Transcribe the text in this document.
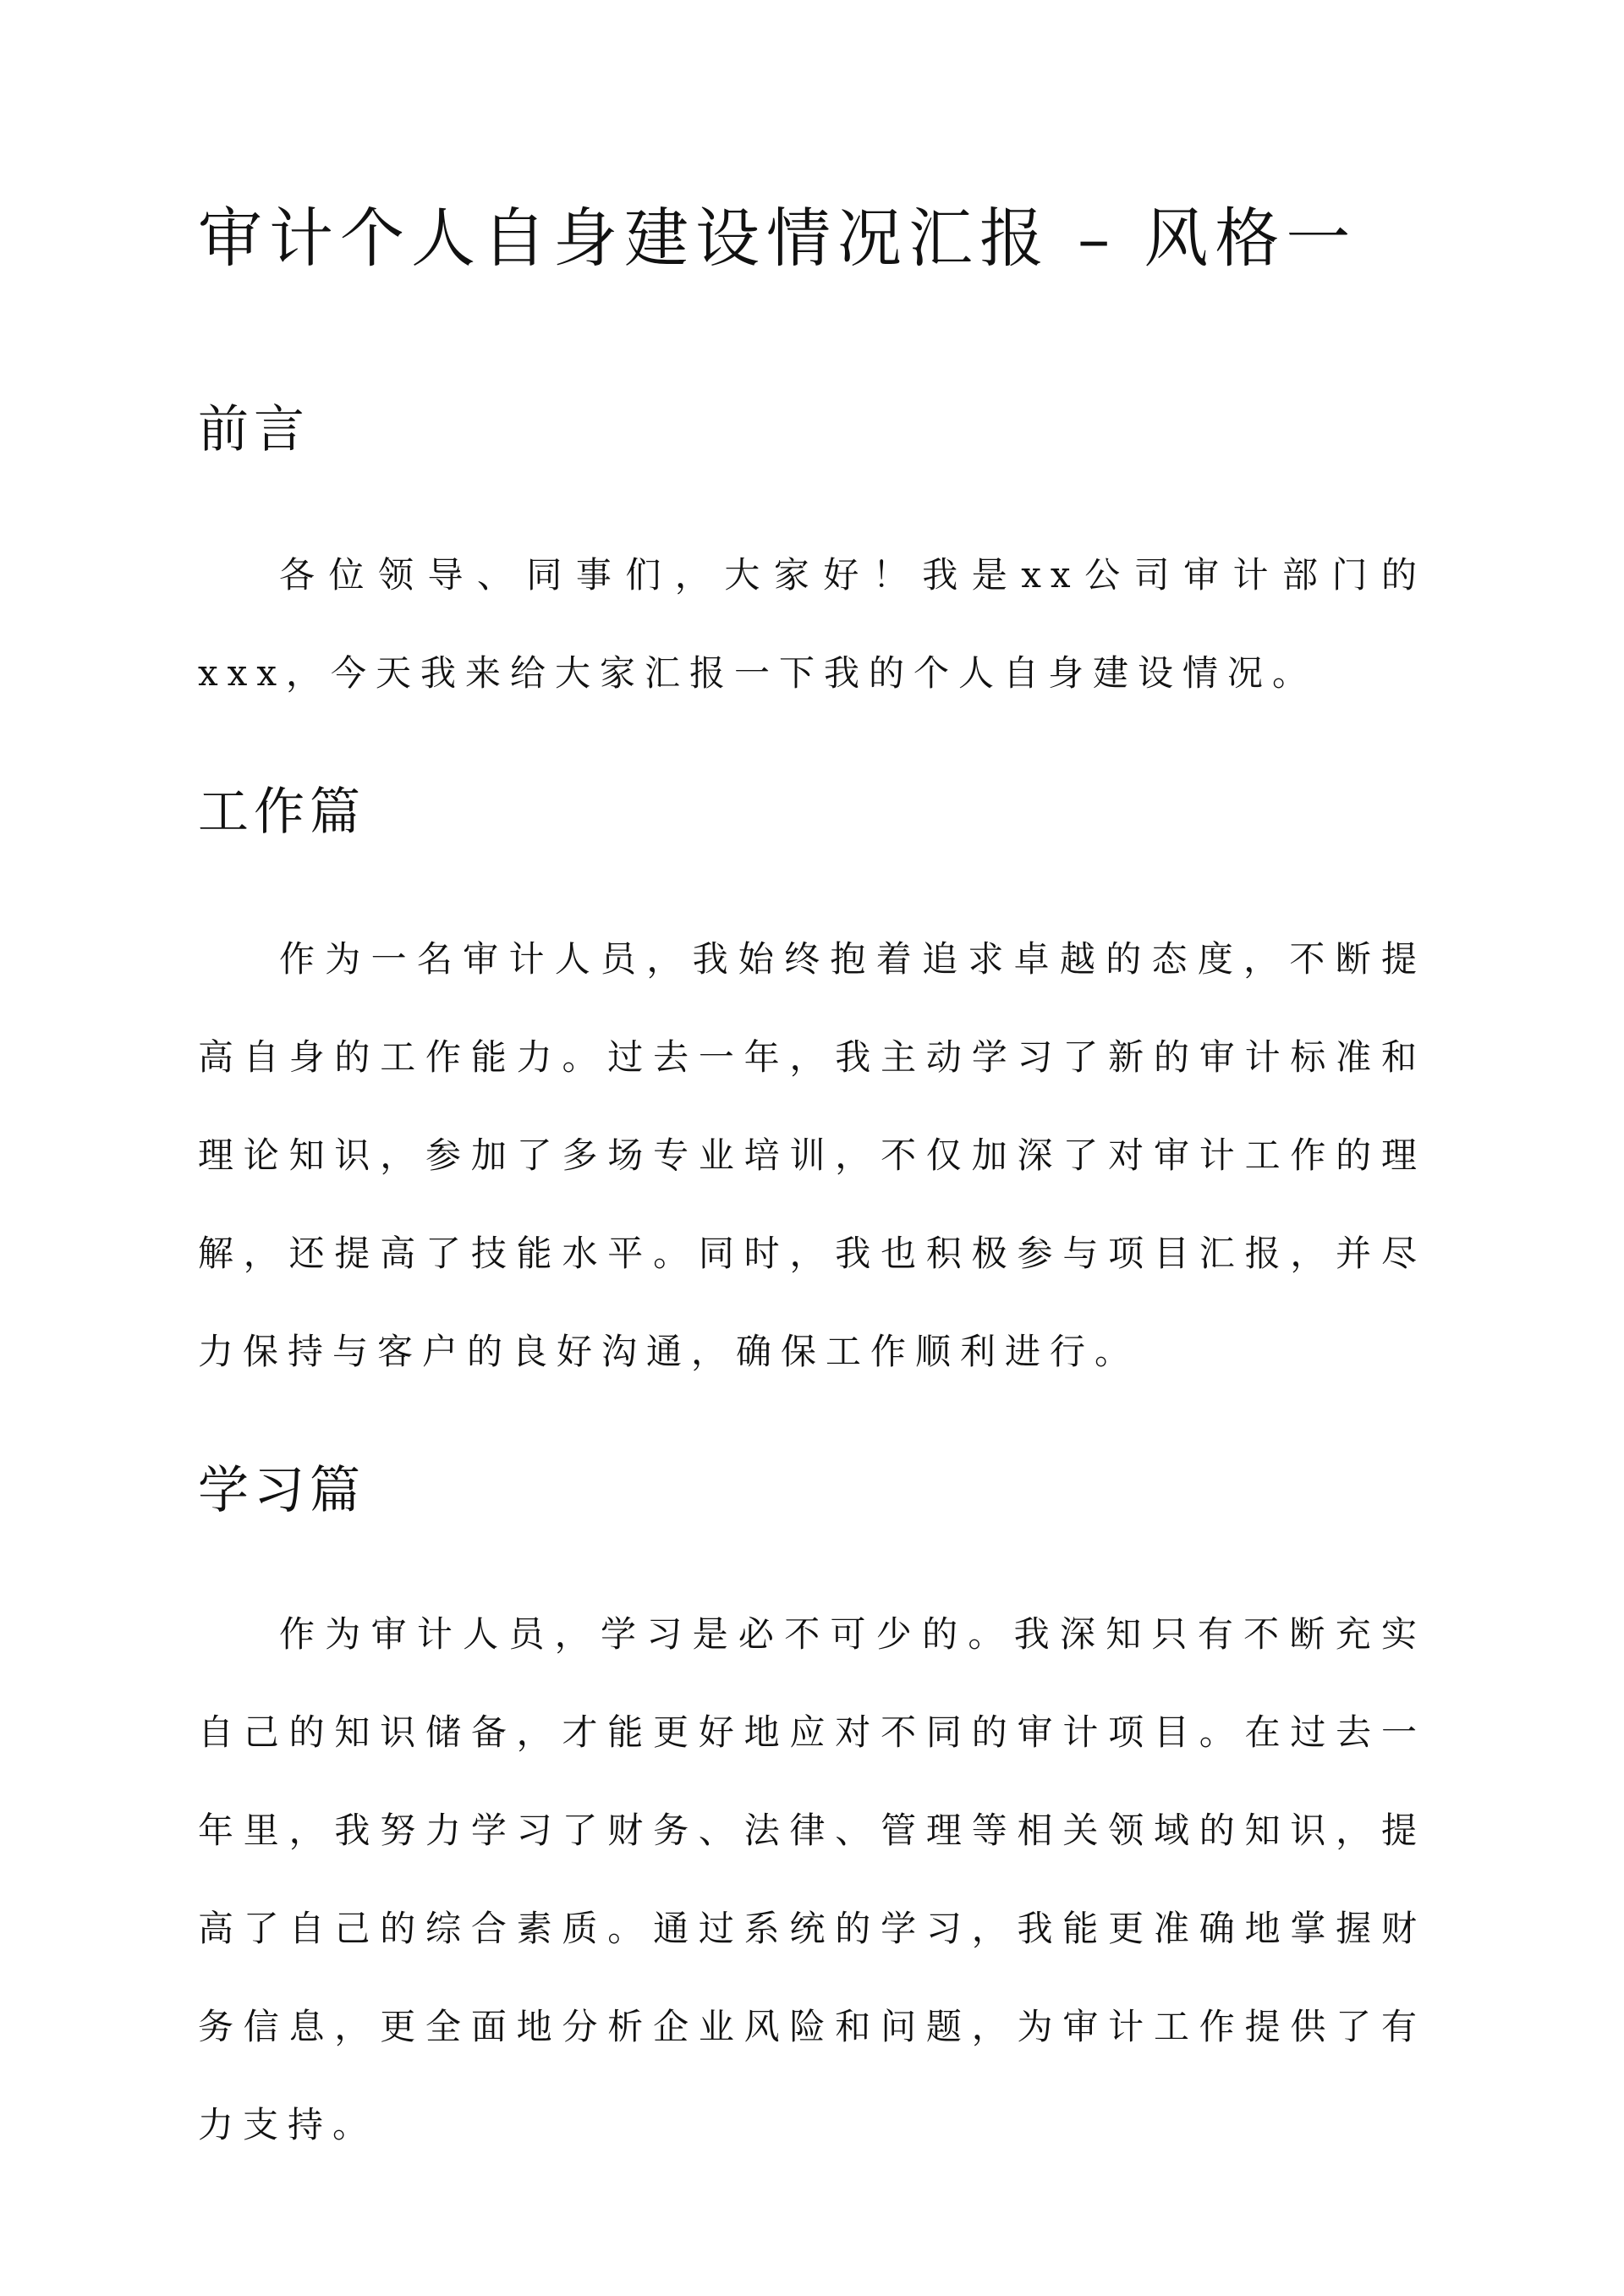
审计个人自身建设情况汇报 – 风格一
前言

各位领导、同事们，大家好！我是xx公司审计部门的xxx，今天我来给大家汇报一下我的个人自身建设情况。

工作篇

作为一名审计人员，我始终抱着追求卓越的态度，不断提高自身的工作能力。过去一年，我主动学习了新的审计标准和理论知识，参加了多场专业培训，不仅加深了对审计工作的理解，还提高了技能水平。同时，我也积极参与项目汇报，并尽力保持与客户的良好沟通，确保工作顺利进行。

学习篇

作为审计人员，学习是必不可少的。我深知只有不断充实自己的知识储备，才能更好地应对不同的审计项目。在过去一年里，我努力学习了财务、法律、管理等相关领域的知识，提高了自己的综合素质。通过系统的学习，我能更准确地掌握财务信息，更全面地分析企业风险和问题，为审计工作提供了有力支持。
